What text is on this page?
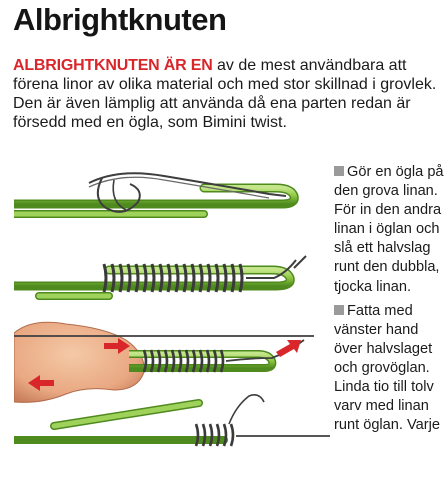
Albrightknuten
ALBRIGHTKNUTEN ÄR EN av de mest användbara att förena linor av olika material och med stor skillnad i grovlek. Den är även lämplig att använda då ena parten redan är försedd med en ögla, som Bimini twist.

Gör en ögla på den grova linan. För in den andra linan i öglan och slå ett halvslag runt den dubbla, tjocka linan.

Fatta med vänster hand över halvslaget och grovöglan. Linda tio till tolv varv med linan runt öglan. Varje
